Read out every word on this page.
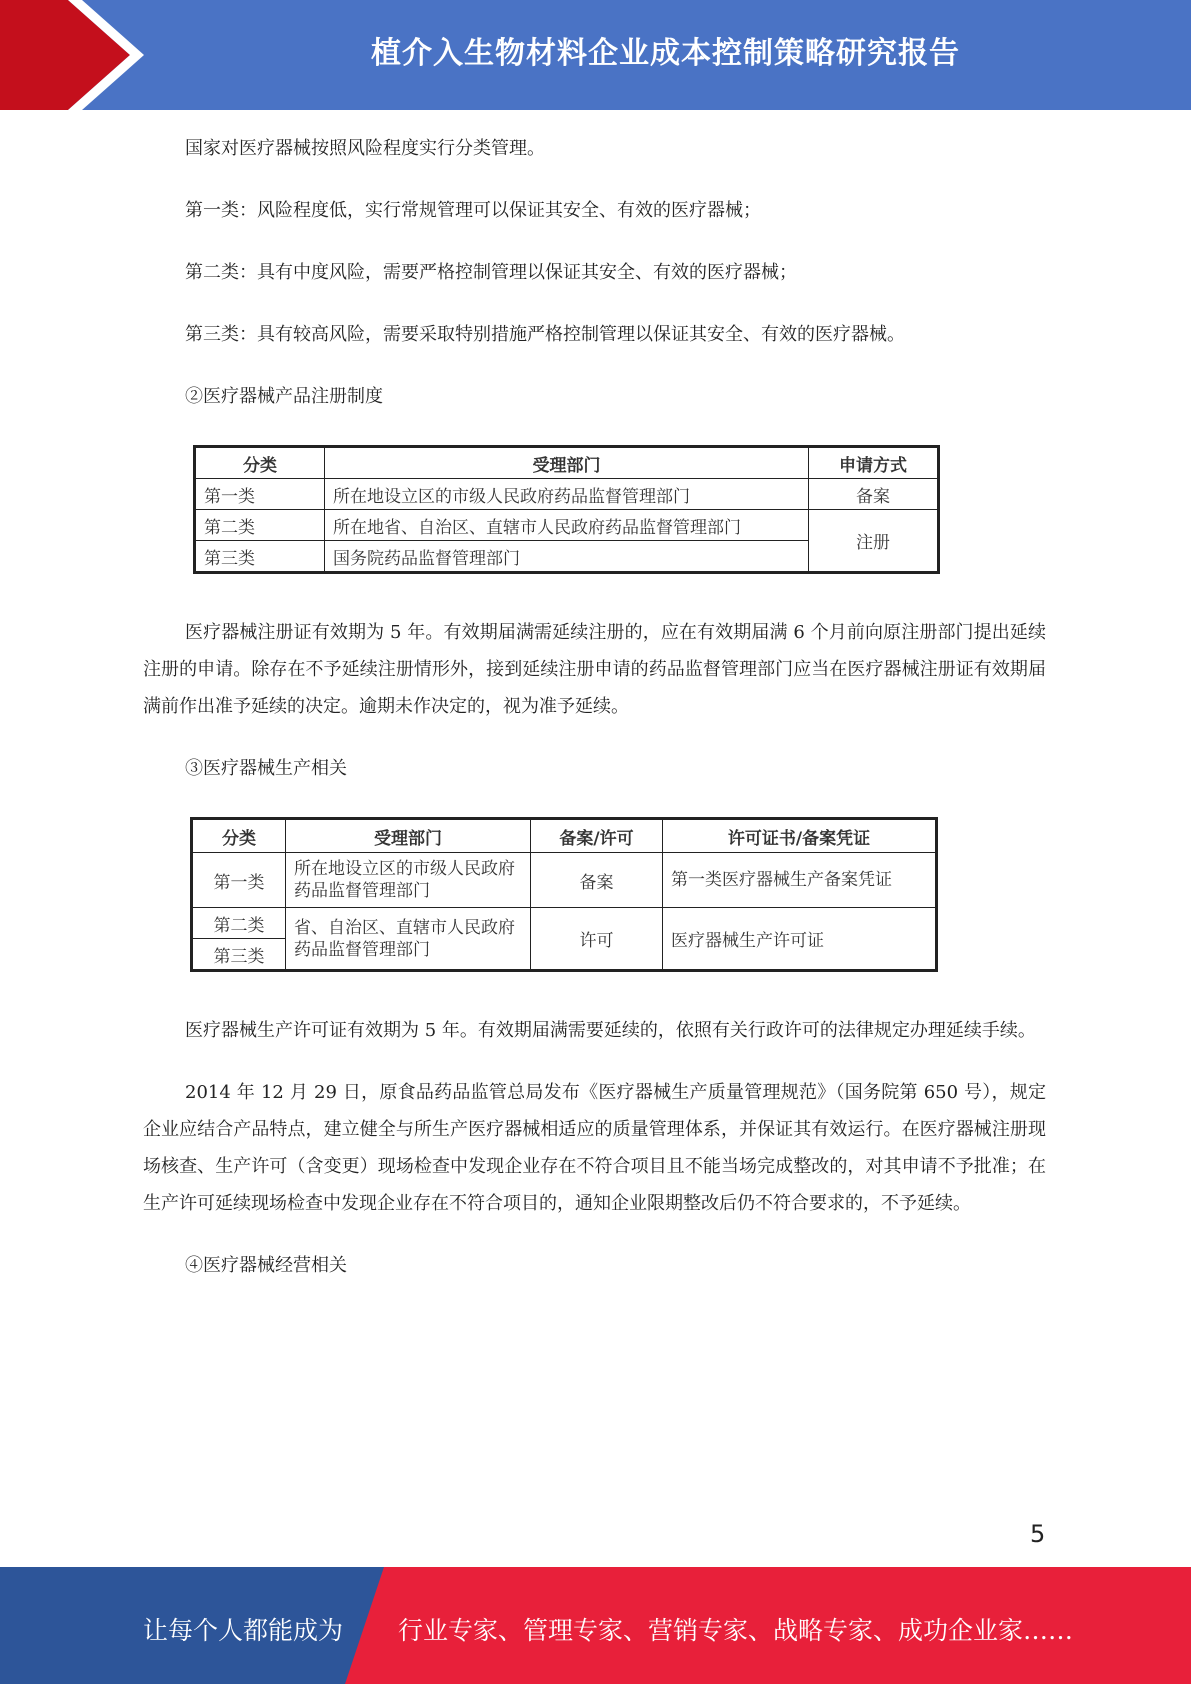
植介入生物材料企业成本控制策略研究报告

国家对医疗器械按照风险程度实行分类管理。

第一类：风险程度低，实行常规管理可以保证其安全、有效的医疗器械；

第二类：具有中度风险，需要严格控制管理以保证其安全、有效的医疗器械；

第三类：具有较高风险，需要采取特别措施严格控制管理以保证其安全、有效的医疗器械。

②医疗器械产品注册制度

分类	受理部门	申请方式
第一类	所在地设立区的市级人民政府药品监督管理部门	备案
第二类	所在地省、自治区、直辖市人民政府药品监督管理部门	注册
第三类	国务院药品监督管理部门	

医疗器械注册证有效期为 5 年。有效期届满需延续注册的，应在有效期届满 6 个月前向原注册部门提出延续注册的申请。除存在不予延续注册情形外，接到延续注册申请的药品监督管理部门应当在医疗器械注册证有效期届满前作出准予延续的决定。逾期未作决定的，视为准予延续。

③医疗器械生产相关

分类	受理部门	备案/许可	许可证书/备案凭证
第一类	所在地设立区的市级人民政府药品监督管理部门	备案	第一类医疗器械生产备案凭证
第二类	省、自治区、直辖市人民政府药品监督管理部门	许可	医疗器械生产许可证
第三类			

医疗器械生产许可证有效期为 5 年。有效期届满需要延续的，依照有关行政许可的法律规定办理延续手续。

2014 年 12 月 29 日，原食品药品监管总局发布《医疗器械生产质量管理规范》（国务院第 650 号），规定企业应结合产品特点，建立健全与所生产医疗器械相适应的质量管理体系，并保证其有效运行。在医疗器械注册现场核查、生产许可（含变更）现场检查中发现企业存在不符合项目且不能当场完成整改的，对其申请不予批准；在生产许可延续现场检查中发现企业存在不符合项目的，通知企业限期整改后仍不符合要求的，不予延续。

④医疗器械经营相关

5
让每个人都能成为 行业专家、管理专家、营销专家、战略专家、成功企业家……
